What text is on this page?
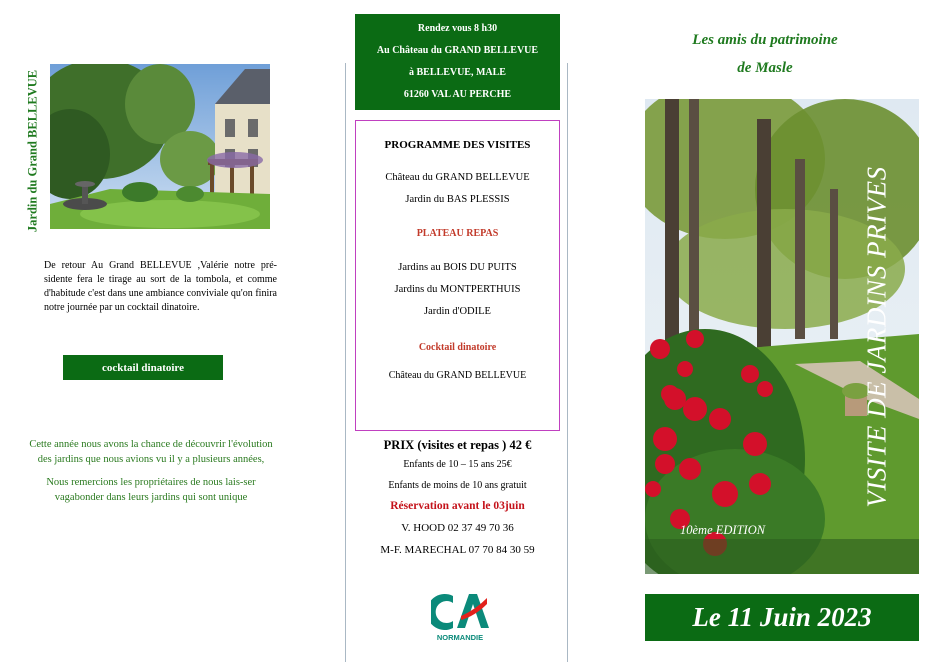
Jardin du Grand BELLEVUE
De retour Au Grand BELLEVUE ,Valérie notre pré-sidente fera le tirage au sort de la tombola, et comme d'habitude c'est dans une ambiance conviviale qu'on finira notre journée par un cocktail dinatoire.
cocktail dinatoire

Cette année nous avons la chance de découvrir l'évolution des jardins que nous avions vu il y a plusieurs années,

Nous remercions les propriétaires de nous lais-ser vagabonder dans leurs jardins qui sont unique

Rendez vous 8 h30
Au Château du GRAND BELLEVUE
à BELLEVUE, MALE
61260 VAL AU PERCHE
PROGRAMME DES VISITES
Château du GRAND BELLEVUE
Jardin du BAS PLESSIS
PLATEAU REPAS
Jardins au BOIS DU PUITS
Jardins du MONTPERTHUIS
Jardin d'ODILE
Cocktail dinatoire
Château du GRAND BELLEVUE
PRIX (visites et repas ) 42 €
Enfants de 10 – 15 ans 25€
Enfants de moins de 10 ans gratuit
Réservation avant le 03juin
V. HOOD 02 37 49 70 36
M-F. MARECHAL 07 70 84 30 59
NORMANDIE
Les amis du patrimoine
de Masle
10ème EDITION
VISITE DE JARDINS PRIVES
Le 11 Juin 2023
